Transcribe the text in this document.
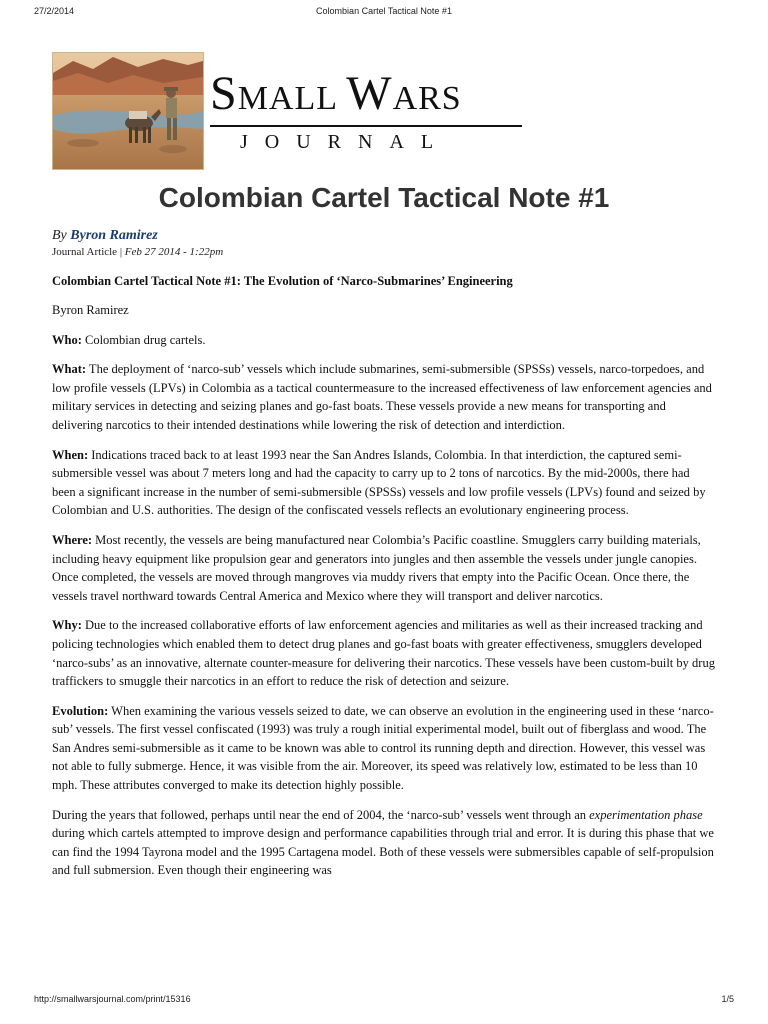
27/2/2014	Colombian Cartel Tactical Note #1
SMALL WARS
JOURNAL
Colombian Cartel Tactical Note #1

By Byron Ramirez

Journal Article | Feb 27 2014 - 1:22pm

Colombian Cartel Tactical Note #1: The Evolution of ‘Narco-Submarines’ Engineering

Byron Ramirez

Who: Colombian drug cartels.

What: The deployment of ‘narco-sub’ vessels which include submarines, semi-submersible (SPSSs) vessels, narco-torpedoes, and low profile vessels (LPVs) in Colombia as a tactical countermeasure to the increased effectiveness of law enforcement agencies and military services in detecting and seizing planes and go-fast boats. These vessels provide a new means for transporting and delivering narcotics to their intended destinations while lowering the risk of detection and interdiction.

When: Indications traced back to at least 1993 near the San Andres Islands, Colombia. In that interdiction, the captured semi-submersible vessel was about 7 meters long and had the capacity to carry up to 2 tons of narcotics. By the mid-2000s, there had been a significant increase in the number of semi-submersible (SPSSs) vessels and low profile vessels (LPVs) found and seized by Colombian and U.S. authorities. The design of the confiscated vessels reflects an evolutionary engineering process.

Where: Most recently, the vessels are being manufactured near Colombia’s Pacific coastline. Smugglers carry building materials, including heavy equipment like propulsion gear and generators into jungles and then assemble the vessels under jungle canopies. Once completed, the vessels are moved through mangroves via muddy rivers that empty into the Pacific Ocean. Once there, the vessels travel northward towards Central America and Mexico where they will transport and deliver narcotics.

Why: Due to the increased collaborative efforts of law enforcement agencies and militaries as well as their increased tracking and policing technologies which enabled them to detect drug planes and go-fast boats with greater effectiveness, smugglers developed ‘narco-subs’ as an innovative, alternate counter-measure for delivering their narcotics. These vessels have been custom-built by drug traffickers to smuggle their narcotics in an effort to reduce the risk of detection and seizure.

Evolution: When examining the various vessels seized to date, we can observe an evolution in the engineering used in these ‘narco-sub’ vessels. The first vessel confiscated (1993) was truly a rough initial experimental model, built out of fiberglass and wood. The San Andres semi-submersible as it came to be known was able to control its running depth and direction. However, this vessel was not able to fully submerge. Hence, it was visible from the air. Moreover, its speed was relatively low, estimated to be less than 10 mph. These attributes converged to make its detection highly possible.

During the years that followed, perhaps until near the end of 2004, the ‘narco-sub’ vessels went through an experimentation phase during which cartels attempted to improve design and performance capabilities through trial and error. It is during this phase that we can find the 1994 Tayrona model and the 1995 Cartagena model. Both of these vessels were submersibles capable of self-propulsion and full submersion. Even though their engineering was

http://smallwarsjournal.com/print/15316	1/5
